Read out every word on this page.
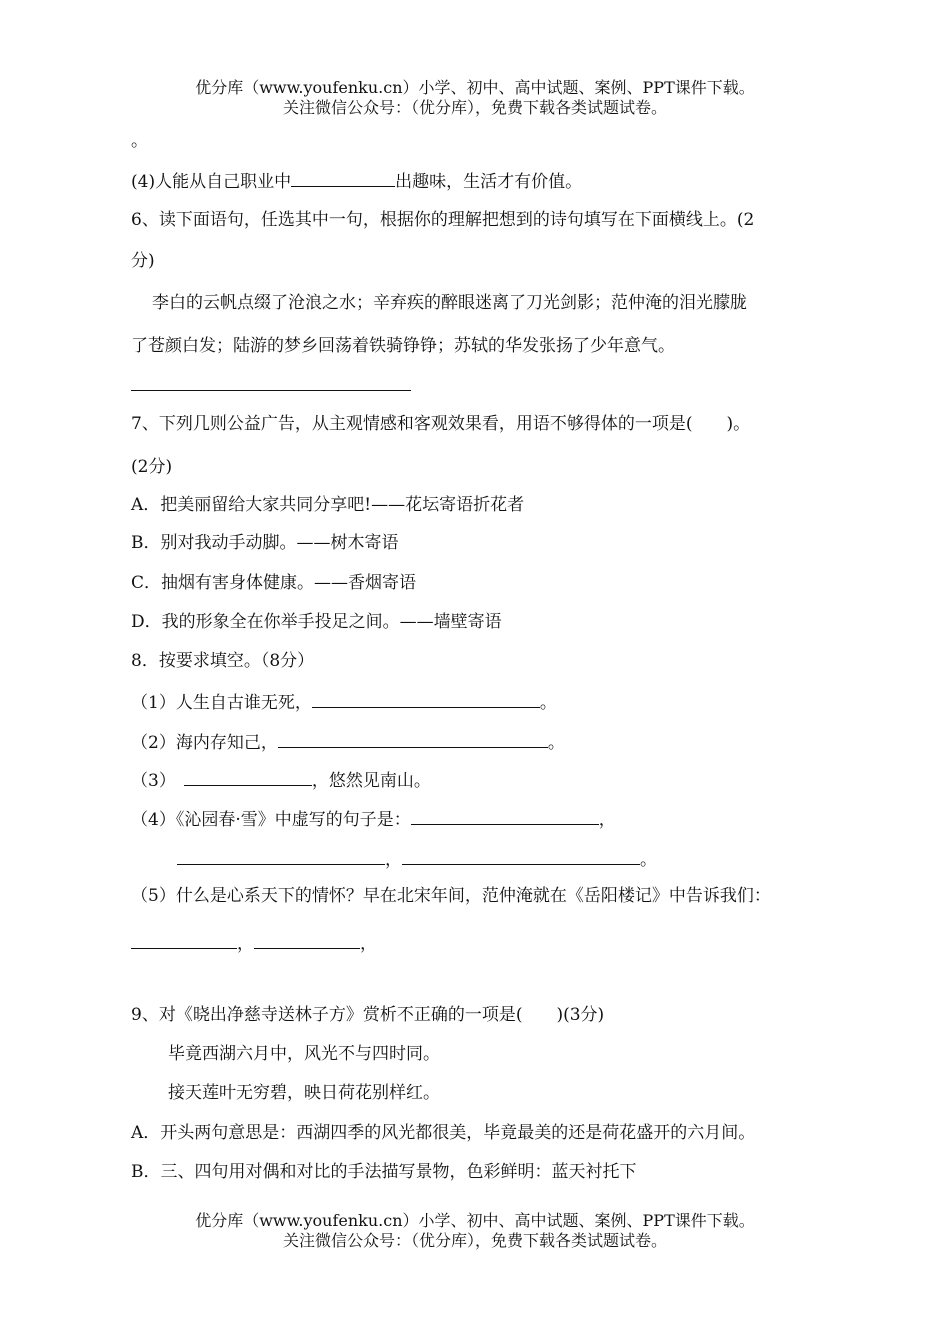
优分库（www.youfenku.cn）小学、初中、高中试题、案例、PPT课件下载。
关注微信公众号：（优分库），免费下载各类试题试卷。
。
(4)人能从自己职业中	出趣味，生活才有价值。
6、读下面语句，任选其中一句，根据你的理解把想到的诗句填写在下面横线上。(2
分)
李白的云帆点缀了沧浪之水；辛弃疾的醉眼迷离了刀光剑影；范仲淹的泪光朦胧
了苍颜白发；陆游的梦乡回荡着铁骑铮铮；苏轼的华发张扬了少年意气。
7、下列几则公益广告，从主观情感和客观效果看，用语不够得体的一项是(　　)。
(2分)
A．把美丽留给大家共同分享吧!——花坛寄语折花者
B．别对我动手动脚。——树木寄语
C．抽烟有害身体健康。——香烟寄语
D．我的形象全在你举手投足之间。——墙壁寄语
8．按要求填空。（8分）
（1）人生自古谁无死，	。
（2）海内存知己，	。
（3）	，悠然见南山。
（4）《沁园春·雪》中虚写的句子是：	，
，	。
（5）什么是心系天下的情怀？早在北宋年间，范仲淹就在《岳阳楼记》中告诉我们：
，	，
9、对《晓出净慈寺送林子方》赏析不正确的一项是(　　)(3分)
毕竟西湖六月中，风光不与四时同。
接天莲叶无穷碧，映日荷花别样红。
A．开头两句意思是：西湖四季的风光都很美，毕竟最美的还是荷花盛开的六月间。
B．三、四句用对偶和对比的手法描写景物，色彩鲜明：蓝天衬托下
优分库（www.youfenku.cn）小学、初中、高中试题、案例、PPT课件下载。
关注微信公众号：（优分库），免费下载各类试题试卷。
